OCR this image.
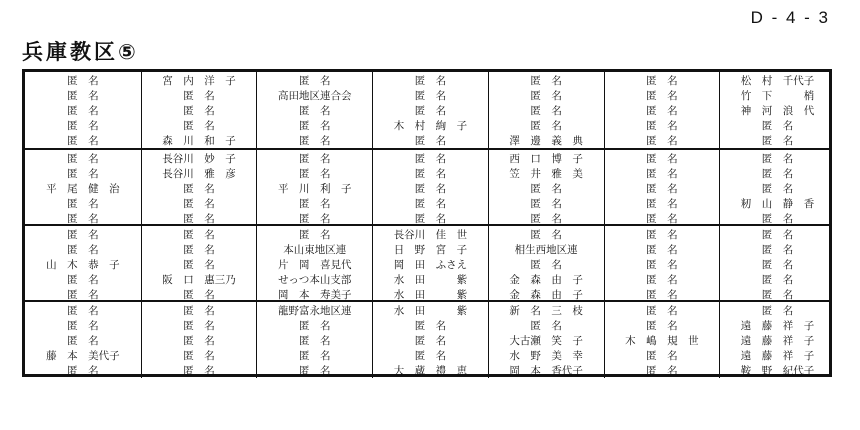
D - 4 - 3
兵庫教区⑤
匿　名
匿　名
匿　名
匿　名
匿　名
宮　内　洋　子
匿　名
匿　名
匿　名
森　川　和　子
匿　名
高田地区連合会
匿　名
匿　名
匿　名
匿　名
匿　名
匿　名
木　村　絢　子
匿　名
匿　名
匿　名
匿　名
匿　名
澤　邊　義　典
匿　名
匿　名
匿　名
匿　名
匿　名
松　村　千代子
竹　下　　　梢
神　河　浪　代
匿　名
匿　名
匿　名
匿　名
平　尾　健　治
匿　名
匿　名
長谷川　妙　子
長谷川　雅　彦
匿　名
匿　名
匿　名
匿　名
匿　名
平　川　利　子
匿　名
匿　名
匿　名
匿　名
匿　名
匿　名
匿　名
西　口　博　子
笠　井　雅　美
匿　名
匿　名
匿　名
匿　名
匿　名
匿　名
匿　名
匿　名
匿　名
匿　名
匿　名
籾　山　静　香
匿　名
匿　名
匿　名
山　木　恭　子
匿　名
匿　名
匿　名
匿　名
匿　名
阪　口　惠三乃
匿　名
匿　名
本山東地区連
片　岡　喜見代
せっつ本山支部
岡　本　寿美子
長谷川　佳　世
日　野　宮　子
岡　田　ふさえ
水　田　　　紫
水　田　　　紫
匿　名
相生西地区連
匿　名
金　森　由　子
金　森　由　子
匿　名
匿　名
匿　名
匿　名
匿　名
匿　名
匿　名
匿　名
匿　名
匿　名
匿　名
匿　名
匿　名
藤　本　美代子
匿　名
匿　名
匿　名
匿　名
匿　名
匿　名
龍野富永地区連
匿　名
匿　名
匿　名
匿　名
水　田　　　紫
匿　名
匿　名
匿　名
大　蔵　禮　恵
新　名　三　枝
匿　名
大古瀬　笑　子
水　野　美　幸
岡　本　香代子
匿　名
匿　名
木　嶋　規　世
匿　名
匿　名
匿　名
遠　藤　祥　子
遠　藤　祥　子
遠　藤　祥　子
鞍　野　紀代子
